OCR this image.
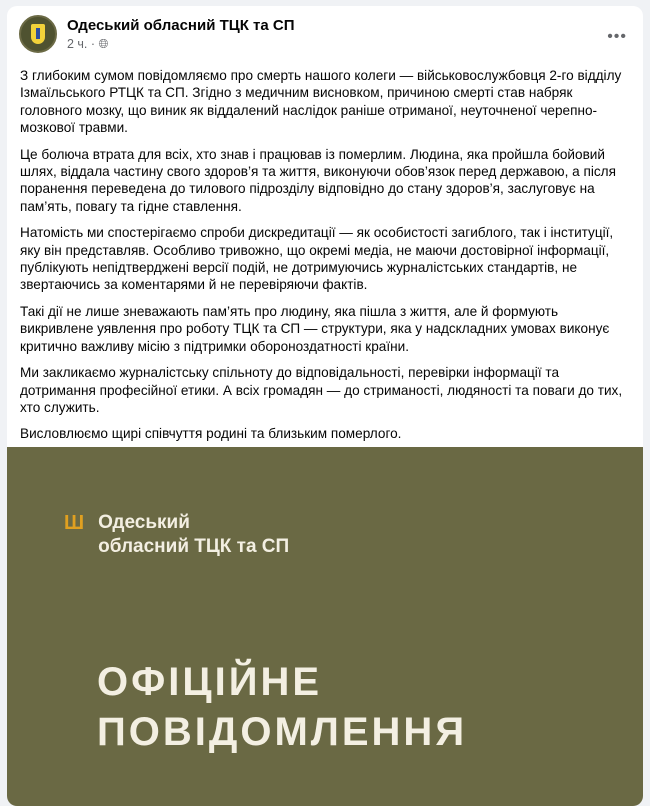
Одеський обласний ТЦК та СП
2 ч. · 🌐︎	•••

З глибоким сумом повідомляємо про смерть нашого колеги — військовослужбовця 2-го відділу Ізмаїльського РТЦК та СП. Згідно з медичним висновком, причиною смерті став набряк головного мозку, що виник як віддалений наслідок раніше отриманої, неуточненої черепно-мозкової травми.

Це болюча втрата для всіх, хто знав і працював із померлим. Людина, яка пройшла бойовий шлях, віддала частину свого здоров’я та життя, виконуючи обов’язок перед державою, а після поранення переведена до тилового підрозділу відповідно до стану здоров’я, заслуговує на пам’ять, повагу та гідне ставлення.

Натомість ми спостерігаємо спроби дискредитації — як особистості загиблого, так і інституції, яку він представляв. Особливо тривожно, що окремі медіа, не маючи достовірної інформації, публікують непідтверджені версії подій, не дотримуючись журналістських стандартів, не звертаючись за коментарями й не перевіряючи фактів.

Такі дії не лише зневажають пам’ять про людину, яка пішла з життя, але й формують викривлене уявлення про роботу ТЦК та СП — структури, яка у надскладних умовах виконує критично важливу місію з підтримки обороноздатності країни.

Ми закликаємо журналістську спільноту до відповідальності, перевірки інформації та дотримання професійної етики. А всіх громадян — до стриманості, людяності та поваги до тих, хто служить.

Висловлюємо щирі співчуття родині та близьким померлого.

Ш Одеський
обласний ТЦК та СП
ОФІЦІЙНЕ
ПОВІДОМЛЕННЯ
